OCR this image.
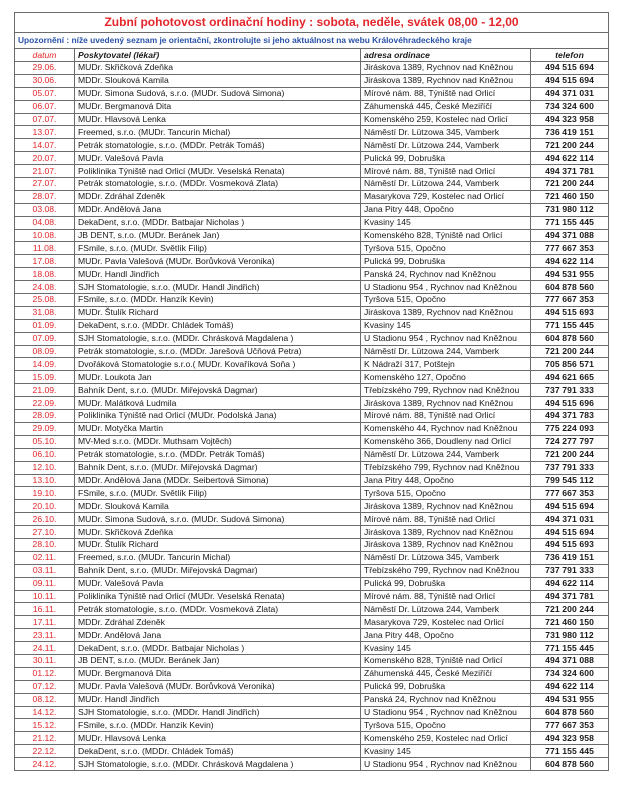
Zubní pohotovost ordinační hodiny : sobota, neděle, svátek 08,00 - 12,00			
Upozornění : níže uvedený seznam je orientační, zkontrolujte si jeho aktuálnost na webu Královéhradeckého kraje			
datum	Poskytovatel (lékař)	adresa ordinace	telefon
29.06.	MUDr. Skřičková Zdeňka	Jiráskova 1389, Rychnov nad Kněžnou	494 515 694
30.06.	MDDr. Slouková Kamila	Jiráskova 1389, Rychnov nad Kněžnou	494 515 694
05.07.	MUDr. Simona Sudová, s.r.o. (MUDr. Sudová Simona)	Mírové nám. 88, Týniště nad Orlicí	494 371 031
06.07.	MUDr. Bergmanová Dita	Záhumenská 445, České Meziříčí	734 324 600
07.07.	MUDr. Hlavsová Lenka	Komenského 259, Kostelec nad Orlicí	494 323 958
13.07.	Freemed, s.r.o. (MUDr. Tancurin Michal)	Náměstí Dr. Lützowa 345, Vamberk	736 419 151
14.07.	Petrák stomatologie, s.r.o. (MDDr. Petrák Tomáš)	Náměstí Dr. Lützowa 244, Vamberk	721 200 244
20.07.	MUDr. Valešová Pavla	Pulická 99, Dobruška	494 622 114
21.07.	Poliklinika Týniště nad Orlicí (MUDr. Veselská Renata)	Mírové nám. 88, Týniště nad Orlicí	494 371 781
27.07.	Petrák stomatologie, s.r.o. (MDDr. Vosmeková Zlata)	Náměstí Dr. Lützowa 244, Vamberk	721 200 244
28.07.	MDDr. Zdráhal Zdeněk	Masarykova 729, Kostelec nad Orlicí	721 460 150
03.08.	MDDr. Andělová Jana	Jana Pitry 448, Opočno	731 980 112
04.08.	DekaDent, s.r.o. (MDDr. Batbajar Nicholas )	Kvasiny 145	771 155 445
10.08.	JB DENT, s.r.o. (MUDr. Beránek Jan)	Komenského 828, Týniště nad Orlicí	494 371 088
11.08.	FSmile, s.r.o. (MUDr. Světlík Filip)	Tyršova 515, Opočno	777 667 353
17.08.	MUDr. Pavla Valešová (MUDr. Borůvková Veronika)	Pulická 99, Dobruška	494 622 114
18.08.	MUDr. Handl Jindřich	Panská 24, Rychnov nad Kněžnou	494 531 955
24.08.	SJH Stomatologie, s.r.o. (MUDr. Handl Jindřich)	U Stadionu 954 , Rychnov nad Kněžnou	604 878 560
25.08.	FSmile, s.r.o. (MDDr. Hanzík Kevin)	Tyršova 515, Opočno	777 667 353
31.08.	MUDr. Štulík Richard	Jiráskova 1389, Rychnov nad Kněžnou	494 515 693
01.09.	DekaDent, s.r.o. (MDDr. Chládek Tomáš)	Kvasiny 145	771 155 445
07.09.	SJH Stomatologie, s.r.o. (MDDr. Chrásková Magdalena )	U Stadionu 954 , Rychnov nad Kněžnou	604 878 560
08.09.	Petrák stomatologie, s.r.o. (MDDr. Jarešová Učňová Petra)	Náměstí Dr. Lützowa 244, Vamberk	721 200 244
14.09.	Dvořáková Stomatologie s.r.o.( MUDr. Kovaříková Soňa )	K Nádraží 317, Potštejn	705 856 571
15.09.	MUDr. Loukota Jan	Komenského 127, Opočno	494 621 665
21.09.	Bahník Dent, s.r.o. (MUDr. Miřejovská Dagmar)	Třebízského 799, Rychnov nad Kněžnou	737 791 333
22.09.	MUDr. Malátková Ludmila	Jiráskova 1389, Rychnov nad Kněžnou	494 515 696
28.09.	Poliklinika Týniště nad Orlicí (MUDr. Podolská Jana)	Mírové nám. 88, Týniště nad Orlicí	494 371 783
29.09.	MUDr. Motyčka Martin	Komenského 44, Rychnov nad Kněžnou	775 224 093
05.10.	MV-Med s.r.o. (MDDr. Muthsam Vojtěch)	Komenského 366, Doudleny nad Orlicí	724 277 797
06.10.	Petrák stomatologie, s.r.o. (MDDr. Petrák Tomáš)	Náměstí Dr. Lützowa 244, Vamberk	721 200 244
12.10.	Bahník Dent, s.r.o. (MUDr. Miřejovská Dagmar)	Třebízského 799, Rychnov nad Kněžnou	737 791 333
13.10.	MDDr. Andělová Jana (MDDr. Seibertová Simona)	Jana Pitry 448, Opočno	799 545 112
19.10.	FSmile, s.r.o. (MUDr. Světlík Filip)	Tyršova 515, Opočno	777 667 353
20.10.	MDDr. Slouková Kamila	Jiráskova 1389, Rychnov nad Kněžnou	494 515 694
26.10.	MUDr. Simona Sudová, s.r.o. (MUDr. Sudová Simona)	Mírové nám. 88, Týniště nad Orlicí	494 371 031
27.10.	MUDr. Skřičková Zdeňka	Jiráskova 1389, Rychnov nad Kněžnou	494 515 694
28.10.	MUDr. Štulík Richard	Jiráskova 1389, Rychnov nad Kněžnou	494 515 693
02.11.	Freemed, s.r.o. (MUDr. Tancurin Michal)	Náměstí Dr. Lützowa 345, Vamberk	736 419 151
03.11.	Bahník Dent, s.r.o. (MUDr. Miřejovská Dagmar)	Třebízského 799, Rychnov nad Kněžnou	737 791 333
09.11.	MUDr. Valešová Pavla	Pulická 99, Dobruška	494 622 114
10.11.	Poliklinika Týniště nad Orlicí (MUDr. Veselská Renata)	Mírové nám. 88, Týniště nad Orlicí	494 371 781
16.11.	Petrák stomatologie, s.r.o. (MDDr. Vosmeková Zlata)	Náměstí Dr. Lützowa 244, Vamberk	721 200 244
17.11.	MDDr. Zdráhal Zdeněk	Masarykova 729, Kostelec nad Orlicí	721 460 150
23.11.	MDDr. Andělová Jana	Jana Pitry 448, Opočno	731 980 112
24.11.	DekaDent, s.r.o. (MDDr. Batbajar Nicholas )	Kvasiny 145	771 155 445
30.11.	JB DENT, s.r.o. (MUDr. Beránek Jan)	Komenského 828, Týniště nad Orlicí	494 371 088
01.12.	MUDr. Bergmanová Dita	Záhumenská 445, České Meziříčí	734 324 600
07.12.	MUDr. Pavla Valešová (MUDr. Borůvková Veronika)	Pulická 99, Dobruška	494 622 114
08.12.	MUDr. Handl Jindřich	Panská 24, Rychnov nad Kněžnou	494 531 955
14.12.	SJH Stomatologie, s.r.o. (MDDr. Handl Jindřich)	U Stadionu 954 , Rychnov nad Kněžnou	604 878 560
15.12.	FSmile, s.r.o. (MDDr. Hanzík Kevin)	Tyršova 515, Opočno	777 667 353
21.12.	MUDr. Hlavsová Lenka	Komenského 259, Kostelec nad Orlicí	494 323 958
22.12.	DekaDent, s.r.o. (MDDr. Chládek Tomáš)	Kvasiny 145	771 155 445
24.12.	SJH Stomatologie, s.r.o. (MDDr. Chrásková Magdalena )	U Stadionu 954 , Rychnov nad Kněžnou	604 878 560
